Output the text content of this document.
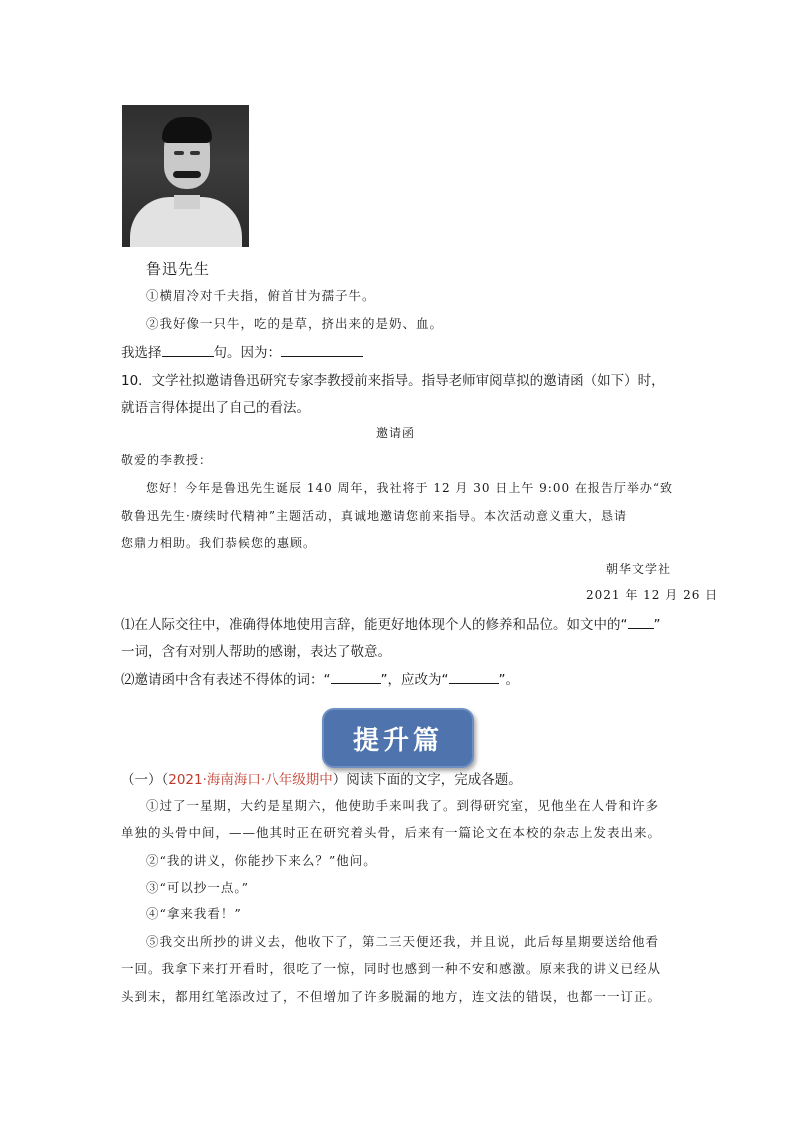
鲁迅先生
①横眉冷对千夫指，俯首甘为孺子牛。
②我好像一只牛，吃的是草，挤出来的是奶、血。
我选择	句。因为：
10．文学社拟邀请鲁迅研究专家李教授前来指导。指导老师审阅草拟的邀请函（如下）时，
就语言得体提出了自己的看法。
邀请函
敬爱的李教授：
您好！今年是鲁迅先生诞辰 140 周年，我社将于 12 月 30 日上午 9:00 在报告厅举办“致
敬鲁迅先生·赓续时代精神”主题活动，真诚地邀请您前来指导。本次活动意义重大，恳请
您鼎力相助。我们恭候您的惠顾。
朝华文学社
2021 年 12 月 26 日
⑴在人际交往中，准确得体地使用言辞，能更好地体现个人的修养和品位。如文中的“ ”
一词，含有对别人帮助的感谢，表达了敬意。
⑵邀请函中含有表述不得体的词：“	”，应改为“	”。
提升篇
（一）（2021·海南海口·八年级期中）阅读下面的文字，完成各题。
①过了一星期，大约是星期六，他使助手来叫我了。到得研究室，见他坐在人骨和许多
单独的头骨中间，——他其时正在研究着头骨，后来有一篇论文在本校的杂志上发表出来。
②“我的讲义，你能抄下来么？”他问。
③“可以抄一点。”
④“拿来我看！”
⑤我交出所抄的讲义去，他收下了，第二三天便还我，并且说，此后每星期要送给他看
一回。我拿下来打开看时，很吃了一惊，同时也感到一种不安和感激。原来我的讲义已经从
头到末，都用红笔添改过了，不但增加了许多脱漏的地方，连文法的错误，也都一一订正。
